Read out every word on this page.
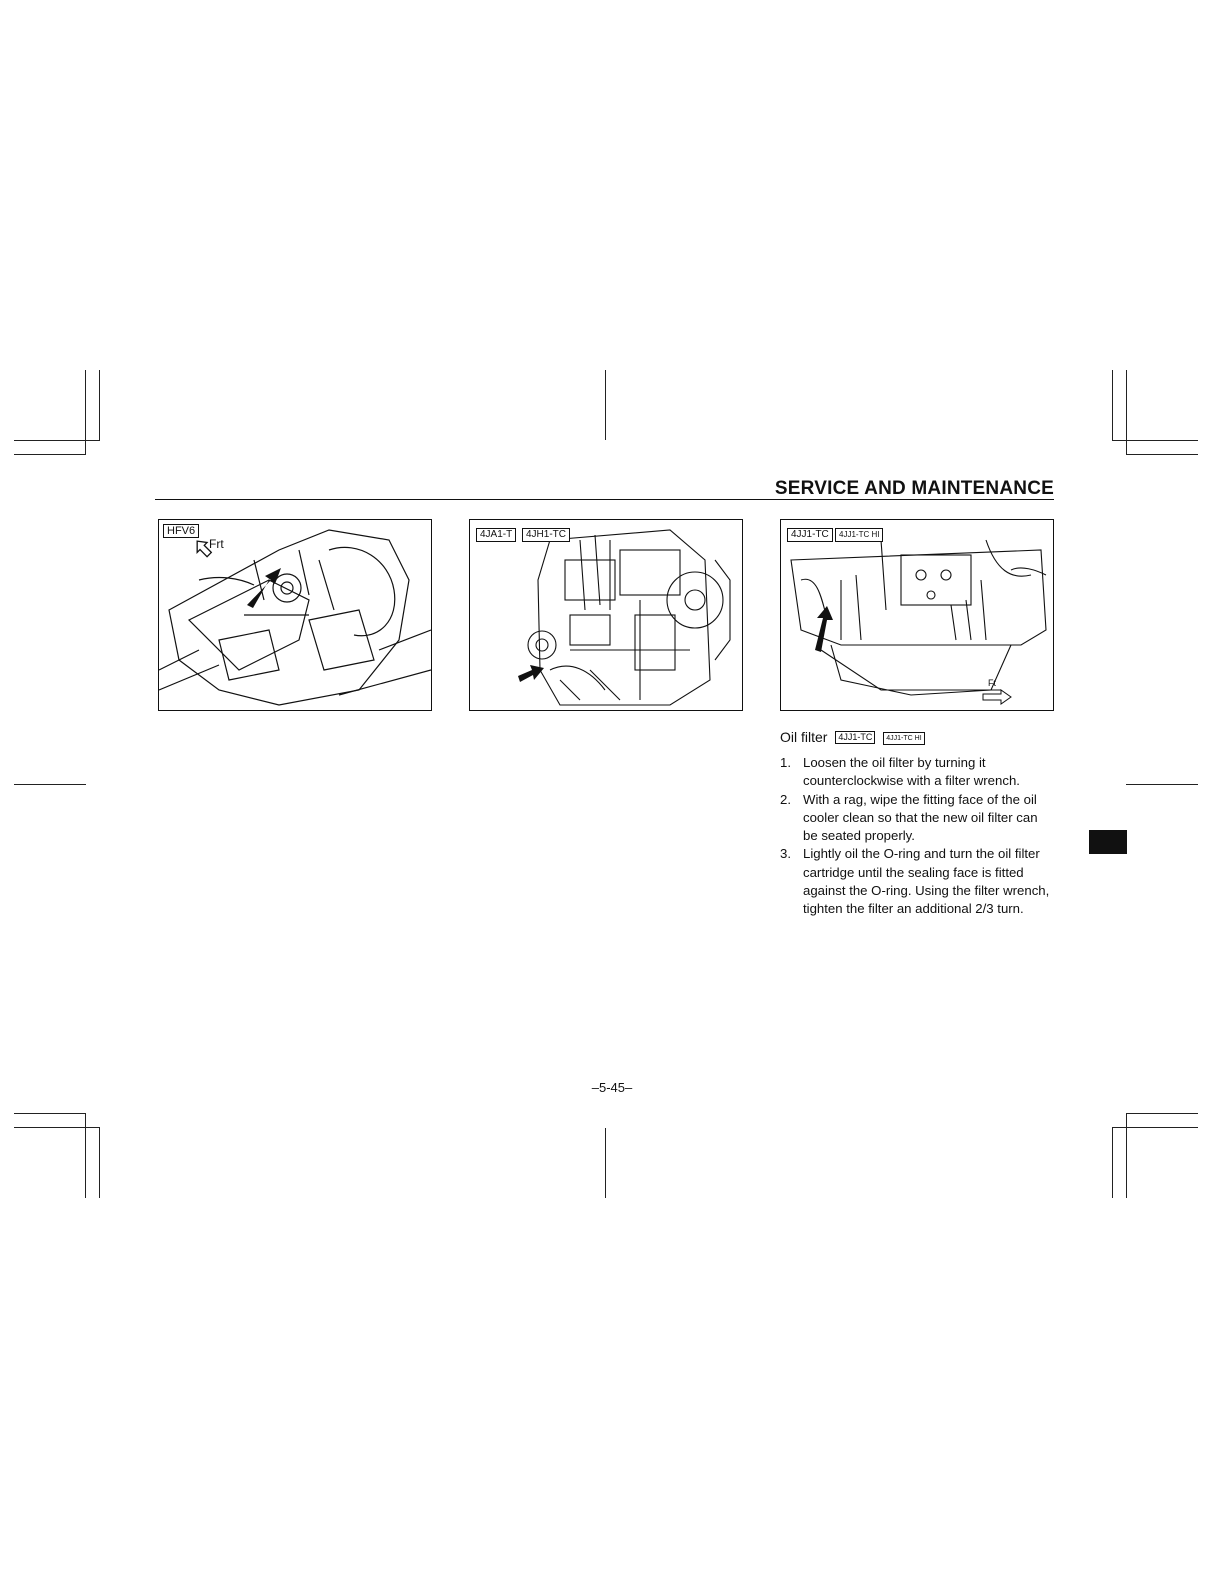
SERVICE AND MAINTENANCE
HFV6
Frt
4JA1-T	4JH1-TC	4JJ1-TC	4JJ1-TC HI
Ft
Oil filter 4JJ1-TC 4JJ1-TC HI
1. Loosen the oil filter by turning it counterclockwise with a filter wrench.
2. With a rag, wipe the fitting face of the oil cooler clean so that the new oil filter can be seated properly.
3. Lightly oil the O-ring and turn the oil filter cartridge until the sealing face is fitted against the O-ring. Using the filter wrench, tighten the filter an additional 2/3 turn.
–5-45–
